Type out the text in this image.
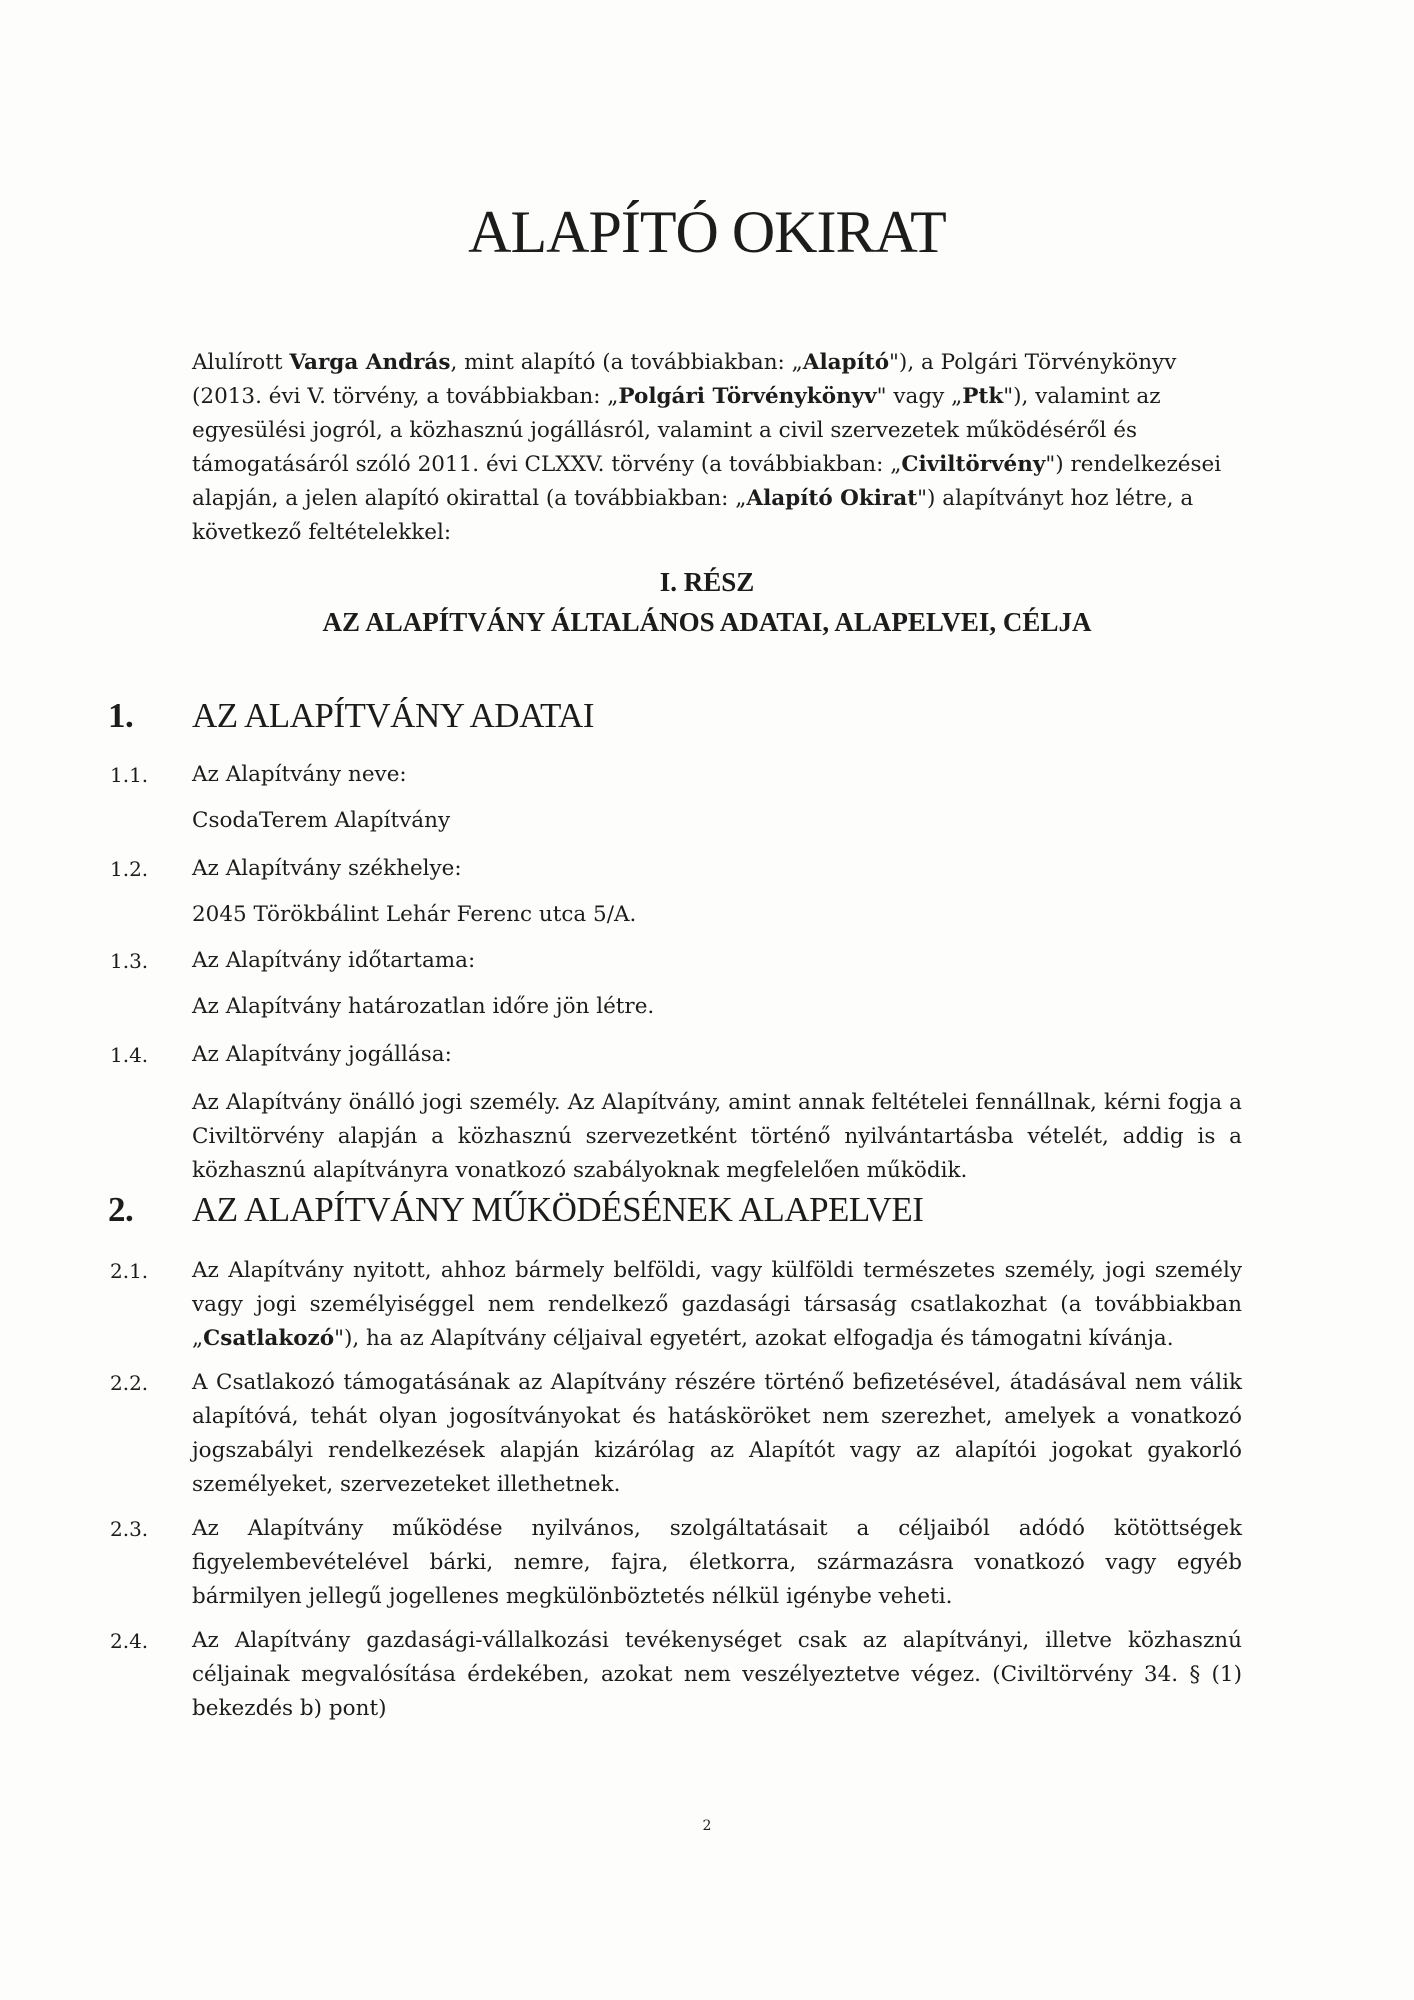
ALAPÍTÓ OKIRAT

Alulírott Varga András, mint alapító (a továbbiakban: „Alapító"), a Polgári Törvénykönyv (2013. évi V. törvény, a továbbiakban: „Polgári Törvénykönyv" vagy „Ptk"), valamint az egyesülési jogról, a közhasznú jogállásról, valamint a civil szervezetek működéséről és támogatásáról szóló 2011. évi CLXXV. törvény (a továbbiakban: „Civiltörvény") rendelkezései alapján, a jelen alapító okirattal (a továbbiakban: „Alapító Okirat") alapítványt hoz létre, a következő feltételekkel:

I. RÉSZ
AZ ALAPÍTVÁNY ÁLTALÁNOS ADATAI, ALAPELVEI, CÉLJA
1. AZ ALAPÍTVÁNY ADATAI
1.1.	Az Alapítvány neve:
CsodaTerem Alapítvány
1.2.	Az Alapítvány székhelye:
2045 Törökbálint Lehár Ferenc utca 5/A.
1.3.	Az Alapítvány időtartama:
Az Alapítvány határozatlan időre jön létre.
1.4.	Az Alapítvány jogállása:
Az Alapítvány önálló jogi személy. Az Alapítvány, amint annak feltételei fennállnak, kérni fogja a Civiltörvény alapján a közhasznú szervezetként történő nyilvántartásba vételét, addig is a közhasznú alapítványra vonatkozó szabályoknak megfelelően működik.
2. AZ ALAPÍTVÁNY MŰKÖDÉSÉNEK ALAPELVEI
2.1.	Az Alapítvány nyitott, ahhoz bármely belföldi, vagy külföldi természetes személy, jogi személy vagy jogi személyiséggel nem rendelkező gazdasági társaság csatlakozhat (a továbbiakban „Csatlakozó"), ha az Alapítvány céljaival egyetért, azokat elfogadja és támogatni kívánja.
2.2.	A Csatlakozó támogatásának az Alapítvány részére történő befizetésével, átadásával nem válik alapítóvá, tehát olyan jogosítványokat és hatásköröket nem szerezhet, amelyek a vonatkozó jogszabályi rendelkezések alapján kizárólag az Alapítót vagy az alapítói jogokat gyakorló személyeket, szervezeteket illethetnek.
2.3.	Az Alapítvány működése nyilvános, szolgáltatásait a céljaiból adódó kötöttségek figyelembevételével bárki, nemre, fajra, életkorra, származásra vonatkozó vagy egyéb bármilyen jellegű jogellenes megkülönböztetés nélkül igénybe veheti.
2.4.	Az Alapítvány gazdasági-vállalkozási tevékenységet csak az alapítványi, illetve közhasznú céljainak megvalósítása érdekében, azokat nem veszélyeztetve végez. (Civiltörvény 34. § (1) bekezdés b) pont)
2
